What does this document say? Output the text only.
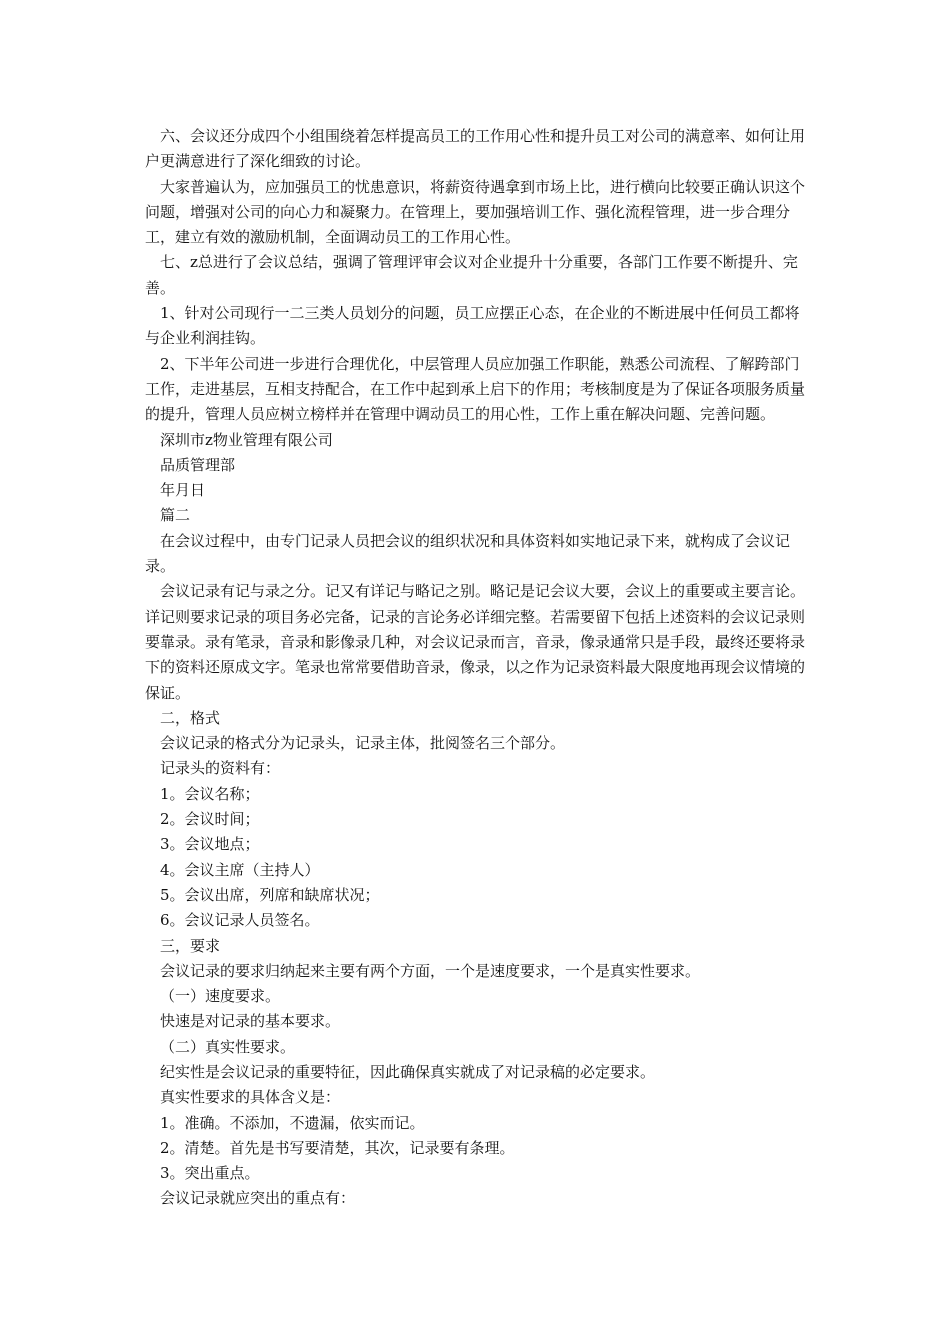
六、会议还分成四个小组围绕着怎样提高员工的工作用心性和提升员工对公司的满意率、如何让用户更满意进行了深化细致的讨论。

大家普遍认为，应加强员工的忧患意识，将薪资待遇拿到市场上比，进行横向比较要正确认识这个问题，增强对公司的向心力和凝聚力。在管理上，要加强培训工作、强化流程管理，进一步合理分工，建立有效的激励机制，全面调动员工的工作用心性。

七、z总进行了会议总结，强调了管理评审会议对企业提升十分重要，各部门工作要不断提升、完善。

1、针对公司现行一二三类人员划分的问题，员工应摆正心态，在企业的不断进展中任何员工都将与企业利润挂钩。

2、下半年公司进一步进行合理优化，中层管理人员应加强工作职能，熟悉公司流程、了解跨部门工作，走进基层，互相支持配合，在工作中起到承上启下的作用；考核制度是为了保证各项服务质量的提升，管理人员应树立榜样并在管理中调动员工的用心性，工作上重在解决问题、完善问题。

深圳市z物业管理有限公司

品质管理部

年月日

篇二

在会议过程中，由专门记录人员把会议的组织状况和具体资料如实地记录下来，就构成了会议记录。

会议记录有记与录之分。记又有详记与略记之别。略记是记会议大要，会议上的重要或主要言论。详记则要求记录的项目务必完备，记录的言论务必详细完整。若需要留下包括上述资料的会议记录则要靠录。录有笔录，音录和影像录几种，对会议记录而言，音录，像录通常只是手段，最终还要将录下的资料还原成文字。笔录也常常要借助音录，像录，以之作为记录资料最大限度地再现会议情境的保证。

二，格式

会议记录的格式分为记录头，记录主体，批阅签名三个部分。

记录头的资料有：

1。会议名称；

2。会议时间；

3。会议地点；

4。会议主席（主持人）

5。会议出席，列席和缺席状况；

6。会议记录人员签名。

三，要求

会议记录的要求归纳起来主要有两个方面，一个是速度要求，一个是真实性要求。

（一）速度要求。

快速是对记录的基本要求。

（二）真实性要求。

纪实性是会议记录的重要特征，因此确保真实就成了对记录稿的必定要求。

真实性要求的具体含义是：

1。准确。不添加，不遗漏，依实而记。

2。清楚。首先是书写要清楚，其次，记录要有条理。

3。突出重点。

会议记录就应突出的重点有：
